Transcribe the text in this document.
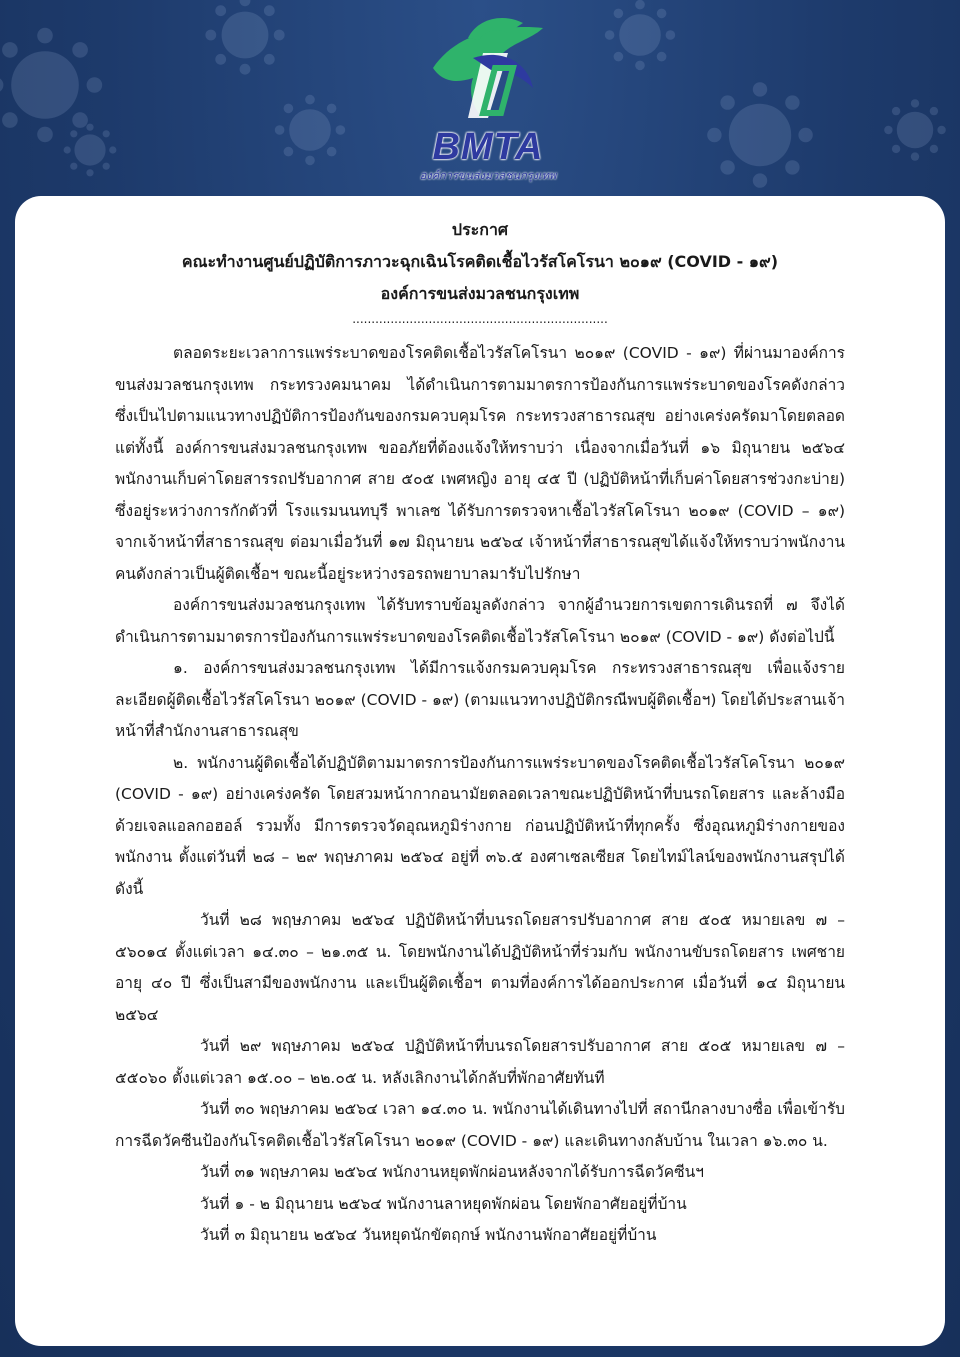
BMTA
องค์การขนส่งมวลชนกรุงเทพ
ประกาศ
คณะทำงานศูนย์ปฏิบัติการภาวะฉุกเฉินโรคติดเชื้อไวรัสโคโรนา ๒๐๑๙ (COVID - ๑๙)
องค์การขนส่งมวลชนกรุงเทพ
...................................................................

ตลอดระยะเวลาการแพร่ระบาดของโรคติดเชื้อไวรัสโคโรนา ๒๐๑๙ (COVID - ๑๙) ที่ผ่านมาองค์การขนส่งมวลชนกรุงเทพ กระทรวงคมนาคม ได้ดำเนินการตามมาตรการป้องกันการแพร่ระบาดของโรคดังกล่าว ซึ่งเป็นไปตามแนวทางปฏิบัติการป้องกันของกรมควบคุมโรค กระทรวงสาธารณสุข อย่างเคร่งครัดมาโดยตลอด แต่ทั้งนี้ องค์การขนส่งมวลชนกรุงเทพ ขออภัยที่ต้องแจ้งให้ทราบว่า เนื่องจากเมื่อวันที่ ๑๖ มิถุนายน ๒๕๖๔ พนักงานเก็บค่าโดยสารรถปรับอากาศ สาย ๕๐๕ เพศหญิง อายุ ๔๕ ปี (ปฏิบัติหน้าที่เก็บค่าโดยสารช่วงกะบ่าย) ซึ่งอยู่ระหว่างการกักตัวที่ โรงแรมนนทบุรี พาเลซ ได้รับการตรวจหาเชื้อไวรัสโคโรนา ๒๐๑๙ (COVID – ๑๙) จากเจ้าหน้าที่สาธารณสุข ต่อมาเมื่อวันที่ ๑๗ มิถุนายน ๒๕๖๔ เจ้าหน้าที่สาธารณสุขได้แจ้งให้ทราบว่าพนักงานคนดังกล่าวเป็นผู้ติดเชื้อฯ ขณะนี้อยู่ระหว่างรอรถพยาบาลมารับไปรักษา

องค์การขนส่งมวลชนกรุงเทพ ได้รับทราบข้อมูลดังกล่าว จากผู้อำนวยการเขตการเดินรถที่ ๗ จึงได้ดำเนินการตามมาตรการป้องกันการแพร่ระบาดของโรคติดเชื้อไวรัสโคโรนา ๒๐๑๙ (COVID - ๑๙) ดังต่อไปนี้

๑. องค์การขนส่งมวลชนกรุงเทพ ได้มีการแจ้งกรมควบคุมโรค กระทรวงสาธารณสุข เพื่อแจ้งรายละเอียดผู้ติดเชื้อไวรัสโคโรนา ๒๐๑๙ (COVID - ๑๙) (ตามแนวทางปฏิบัติกรณีพบผู้ติดเชื้อฯ) โดยได้ประสานเจ้าหน้าที่สำนักงานสาธารณสุข

๒. พนักงานผู้ติดเชื้อได้ปฏิบัติตามมาตรการป้องกันการแพร่ระบาดของโรคติดเชื้อไวรัสโคโรนา ๒๐๑๙ (COVID - ๑๙) อย่างเคร่งครัด โดยสวมหน้ากากอนามัยตลอดเวลาขณะปฏิบัติหน้าที่บนรถโดยสาร และล้างมือด้วยเจลแอลกอฮอล์ รวมทั้ง มีการตรวจวัดอุณหภูมิร่างกาย ก่อนปฏิบัติหน้าที่ทุกครั้ง ซึ่งอุณหภูมิร่างกายของพนักงาน ตั้งแต่วันที่ ๒๘ – ๒๙ พฤษภาคม ๒๕๖๔ อยู่ที่ ๓๖.๕ องศาเซลเซียส โดยไทม์ไลน์ของพนักงานสรุปได้ ดังนี้

วันที่ ๒๘ พฤษภาคม ๒๕๖๔ ปฏิบัติหน้าที่บนรถโดยสารปรับอากาศ สาย ๕๐๕ หมายเลข ๗ – ๕๖๐๑๔ ตั้งแต่เวลา ๑๔.๓๐ – ๒๑.๓๕ น. โดยพนักงานได้ปฏิบัติหน้าที่ร่วมกับ พนักงานขับรถโดยสาร เพศชาย อายุ ๔๐ ปี ซึ่งเป็นสามีของพนักงาน และเป็นผู้ติดเชื้อฯ ตามที่องค์การได้ออกประกาศ เมื่อวันที่ ๑๔ มิถุนายน ๒๕๖๔

วันที่ ๒๙ พฤษภาคม ๒๕๖๔ ปฏิบัติหน้าที่บนรถโดยสารปรับอากาศ สาย ๕๐๕ หมายเลข ๗ – ๕๕๐๖๐ ตั้งแต่เวลา ๑๕.๐๐ – ๒๒.๐๕ น. หลังเลิกงานได้กลับที่พักอาศัยทันที

วันที่ ๓๐ พฤษภาคม ๒๕๖๔ เวลา ๑๔.๓๐ น. พนักงานได้เดินทางไปที่ สถานีกลางบางซื่อ เพื่อเข้ารับการฉีดวัคซีนป้องกันโรคติดเชื้อไวรัสโคโรนา ๒๐๑๙ (COVID - ๑๙) และเดินทางกลับบ้าน ในเวลา ๑๖.๓๐ น.

วันที่ ๓๑ พฤษภาคม ๒๕๖๔ พนักงานหยุดพักผ่อนหลังจากได้รับการฉีดวัคซีนฯ

วันที่ ๑ - ๒ มิถุนายน ๒๕๖๔ พนักงานลาหยุดพักผ่อน โดยพักอาศัยอยู่ที่บ้าน

วันที่ ๓ มิถุนายน ๒๕๖๔ วันหยุดนักขัตฤกษ์ พนักงานพักอาศัยอยู่ที่บ้าน
